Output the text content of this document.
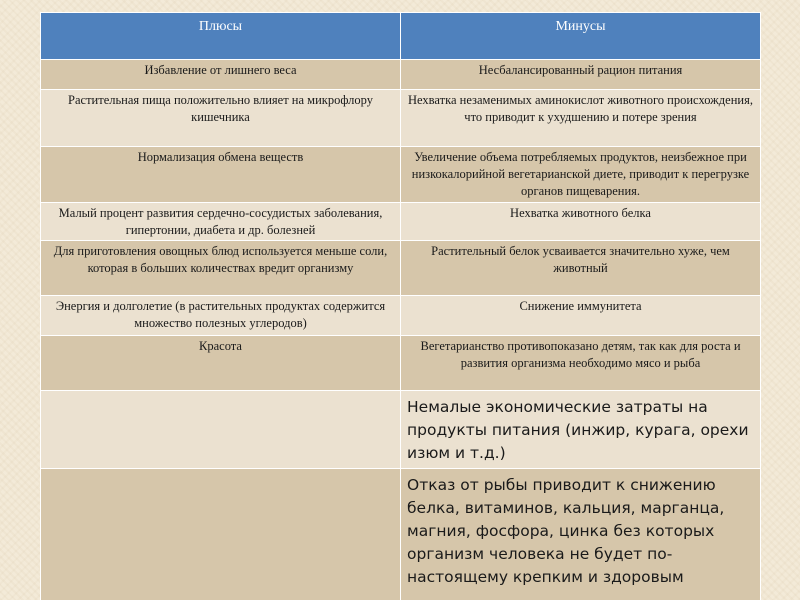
Плюсы	Минусы
Избавление от лишнего веса	Несбалансированный рацион питания
Растительная пища положительно влияет на микрофлору кишечника	Нехватка незаменимых аминокислот животного происхождения, что приводит к ухудшению и потере зрения
Нормализация обмена веществ	Увеличение объема потребляемых продуктов, неизбежное при низкокалорийной вегетарианской диете, приводит к перегрузке органов пищеварения.
Малый процент развития сердечно-сосудистых заболевания, гипертонии, диабета и др. болезней	Нехватка животного белка
Для приготовления овощных блюд используется меньше соли, которая в больших количествах вредит организму	Растительный белок усваивается значительно хуже, чем животный
Энергия и долголетие (в растительных продуктах содержится множество полезных углеродов)	Снижение иммунитета
Красота	Вегетарианство противопоказано детям, так как для роста и развития организма необходимо мясо и рыба
	Немалые экономические затраты на продукты питания (инжир, курага, орехи изюм и т.д.)
	Отказ от рыбы приводит к снижению белка, витаминов, кальция, марганца, магния, фосфора, цинка без которых организм человека не будет по- настоящему крепким и здоровым
